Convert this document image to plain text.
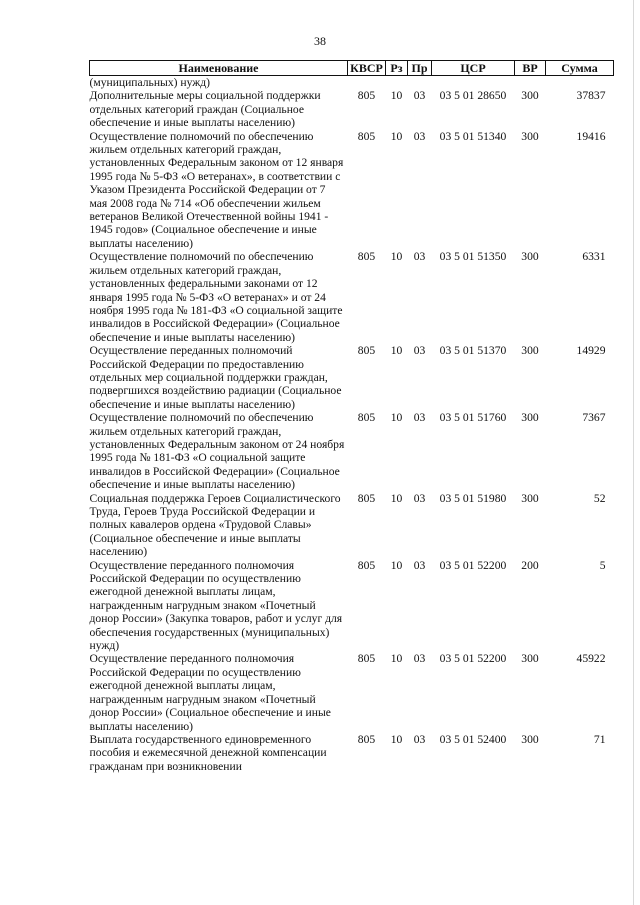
38
Наименование	КВСР	Рз	Пр	ЦСР	ВР	Сумма
(муниципальных) нужд)						
Дополнительные меры социальной поддержки отдельных категорий граждан (Социальное обеспечение и иные выплаты населению)	805	10	03	03 5 01 28650	300	37837
Осуществление полномочий по обеспечению жильем отдельных категорий граждан, установленных Федеральным законом от 12 января 1995 года № 5-ФЗ «О ветеранах», в соответствии с Указом Президента Российской Федерации от 7 мая 2008 года № 714 «Об обеспечении жильем ветеранов Великой Отечественной войны 1941 - 1945 годов» (Социальное обеспечение и иные выплаты населению)	805	10	03	03 5 01 51340	300	19416
Осуществление полномочий по обеспечению жильем отдельных категорий граждан, установленных федеральными законами от 12 января 1995 года № 5-ФЗ «О ветеранах» и от 24 ноября 1995 года № 181-ФЗ «О социальной защите инвалидов в Российской Федерации» (Социальное обеспечение и иные выплаты населению)	805	10	03	03 5 01 51350	300	6331
Осуществление переданных полномочий Российской Федерации по предоставлению отдельных мер социальной поддержки граждан, подвергшихся воздействию радиации (Социальное обеспечение и иные выплаты населению)	805	10	03	03 5 01 51370	300	14929
Осуществление полномочий по обеспечению жильем отдельных категорий граждан, установленных Федеральным законом от 24 ноября 1995 года № 181-ФЗ «О социальной защите инвалидов в Российской Федерации» (Социальное обеспечение и иные выплаты населению)	805	10	03	03 5 01 51760	300	7367
Социальная поддержка Героев Социалистического Труда, Героев Труда Российской Федерации и полных кавалеров ордена «Трудовой Славы» (Социальное обеспечение и иные выплаты населению)	805	10	03	03 5 01 51980	300	52
Осуществление переданного полномочия Российской Федерации по осуществлению ежегодной денежной выплаты лицам, награжденным нагрудным знаком «Почетный донор России» (Закупка товаров, работ и услуг для обеспечения государственных (муниципальных) нужд)	805	10	03	03 5 01 52200	200	5
Осуществление переданного полномочия Российской Федерации по осуществлению ежегодной денежной выплаты лицам, награжденным нагрудным знаком «Почетный донор России» (Социальное обеспечение и иные выплаты населению)	805	10	03	03 5 01 52200	300	45922
Выплата государственного единовременного пособия и ежемесячной денежной компенсации гражданам при возникновении	805	10	03	03 5 01 52400	300	71
